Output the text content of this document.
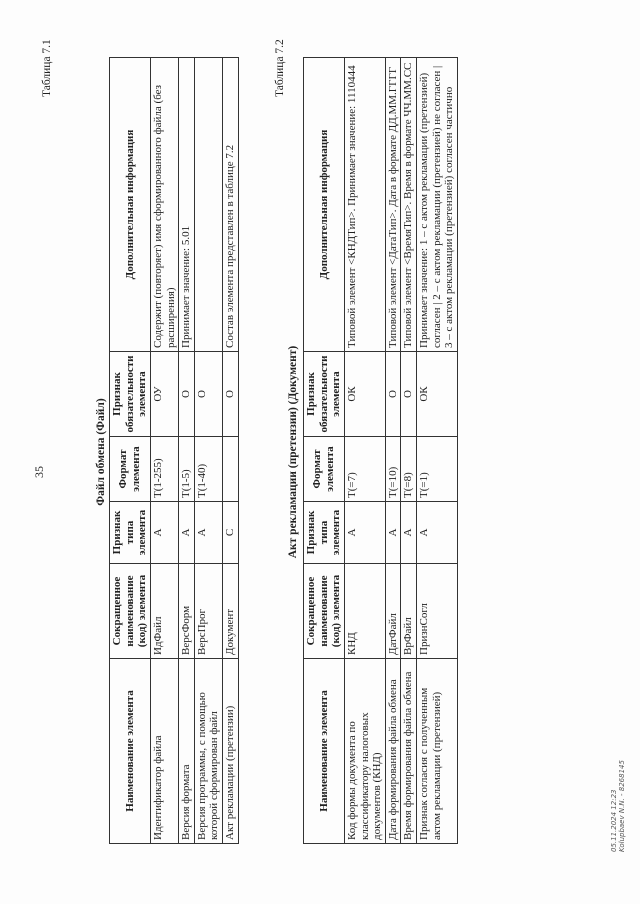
35
Таблица 7.1
Файл обмена (Файл)
Наименование элемента	Сокращенное наименование (код) элемента	Признак типа элемента	Формат элемента	Признак обязательности элемента	Дополнительная информация
Идентификатор файла	ИдФайл	А	T(1-255)	ОУ	Содержит (повторяет) имя сформированного файла (без расширения)
Версия формата	ВерсФорм	А	T(1-5)	О	Принимает значение: 5.01
Версия программы, с помощью которой сформирован файл	ВерсПрог	А	T(1-40)	О	
Акт рекламации (претензии)	Документ	С		О	Состав элемента представлен в таблице 7.2
Таблица 7.2
Акт рекламации (претензии) (Документ)
Наименование элемента	Сокращенное наименование (код) элемента	Признак типа элемента	Формат элемента	Признак обязательности элемента	Дополнительная информация
Код формы документа по классификатору налоговых документов (КНД)	КНД	А	T(=7)	ОК	Типовой элемент <КНДТип>. Принимает значение: 1110444
Дата формирования файла обмена	ДатФайл	А	T(=10)	О	Типовой элемент <ДатаТип>. Дата в формате ДД.ММ.ГГГГ
Время формирования файла обмена	ВрФайл	А	T(=8)	О	Типовой элемент <ВремяТип>. Время в формате ЧЧ.ММ.СС
Признак согласия с полученным актом рекламации (претензией)	ПризнСогл	А	T(=1)	ОК	Принимает значение: 1 – с актом рекламации (претензией) согласен | 2 – с актом рекламации (претензией) не согласен | 3 – с актом рекламации (претензией) согласен частично
05.11.2024 12:23 Kolupbaev N.N. - 8268145
